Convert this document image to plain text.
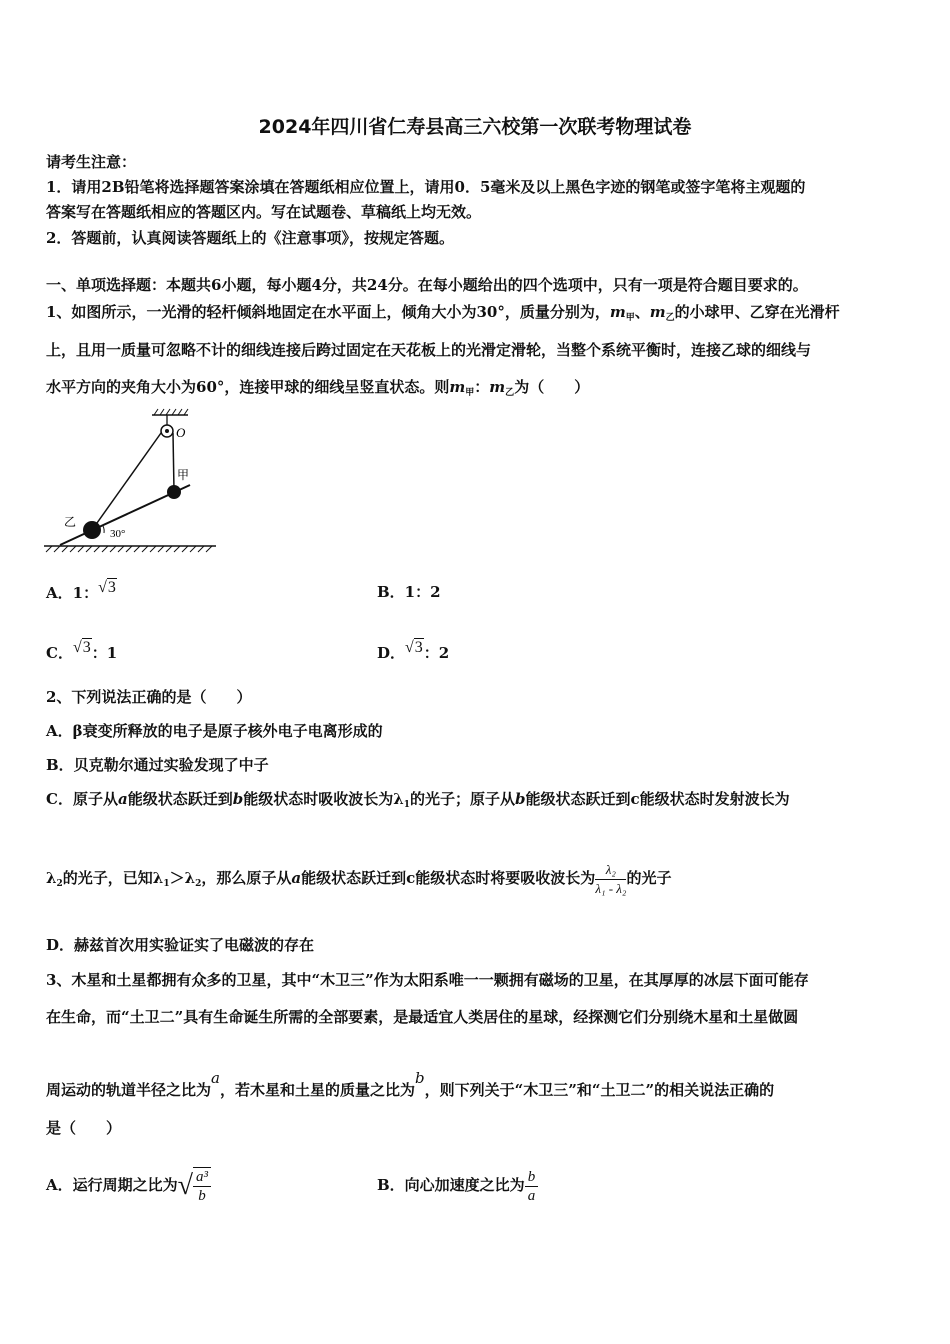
2024年四川省仁寿县高三六校第一次联考物理试卷
请考生注意：
1．请用2B铅笔将选择题答案涂填在答题纸相应位置上，请用0．5毫米及以上黑色字迹的钢笔或签字笔将主观题的
答案写在答题纸相应的答题区内。写在试题卷、草稿纸上均无效。
2．答题前，认真阅读答题纸上的《注意事项》，按规定答题。
一、单项选择题：本题共6小题，每小题4分，共24分。在每小题给出的四个选项中，只有一项是符合题目要求的。
1、如图所示，一光滑的轻杆倾斜地固定在水平面上，倾角大小为30°，质量分别为，$m_甲$、$m_乙$的小球甲、乙穿在光滑杆
上，且用一质量可忽略不计的细线连接后跨过固定在天花板上的光滑定滑轮，当整个系统平衡时，连接乙球的细线与
水平方向的夹角大小为60°，连接甲球的细线呈竖直状态。则$m_甲$：$m_乙$为（　　）
O
甲
乙
30°
A．1：√3	B．1：2
C．√3：1	D．√3：2
2、下列说法正确的是（　　）
A．β衰变所释放的电子是原子核外电子电离形成的
B．贝克勒尔通过实验发现了中子
C．原子从a能级状态跃迁到b能级状态时吸收波长为$\lambda_1$的光子；原子从b能级状态跃迁到c能级状态时发射波长为
$\lambda_2$的光子，已知$\lambda_1>\lambda_2$，那么原子从a能级状态跃迁到c能级状态时将要吸收波长为 $\frac{\text{λ₂}}{\text{λ₁ - λ₂}}$ 的光子
D．赫兹首次用实验证实了电磁波的存在
3、木星和土星都拥有众多的卫星，其中“木卫三”作为太阳系唯一一颗拥有磁场的卫星，在其厚厚的冰层下面可能存
在生命，而“土卫二”具有生命诞生所需的全部要素，是最适宜人类居住的星球，经探测它们分别绕木星和土星做圆
周运动的轨道半径之比为a，若木星和土星的质量之比为b，则下列关于“木卫三”和“土卫二”的相关说法正确的
是（　　）
A．运行周期之比为√ $\frac{\text{a³}}{b}$	B．向心加速度之比为 $\frac{b}{a}$
